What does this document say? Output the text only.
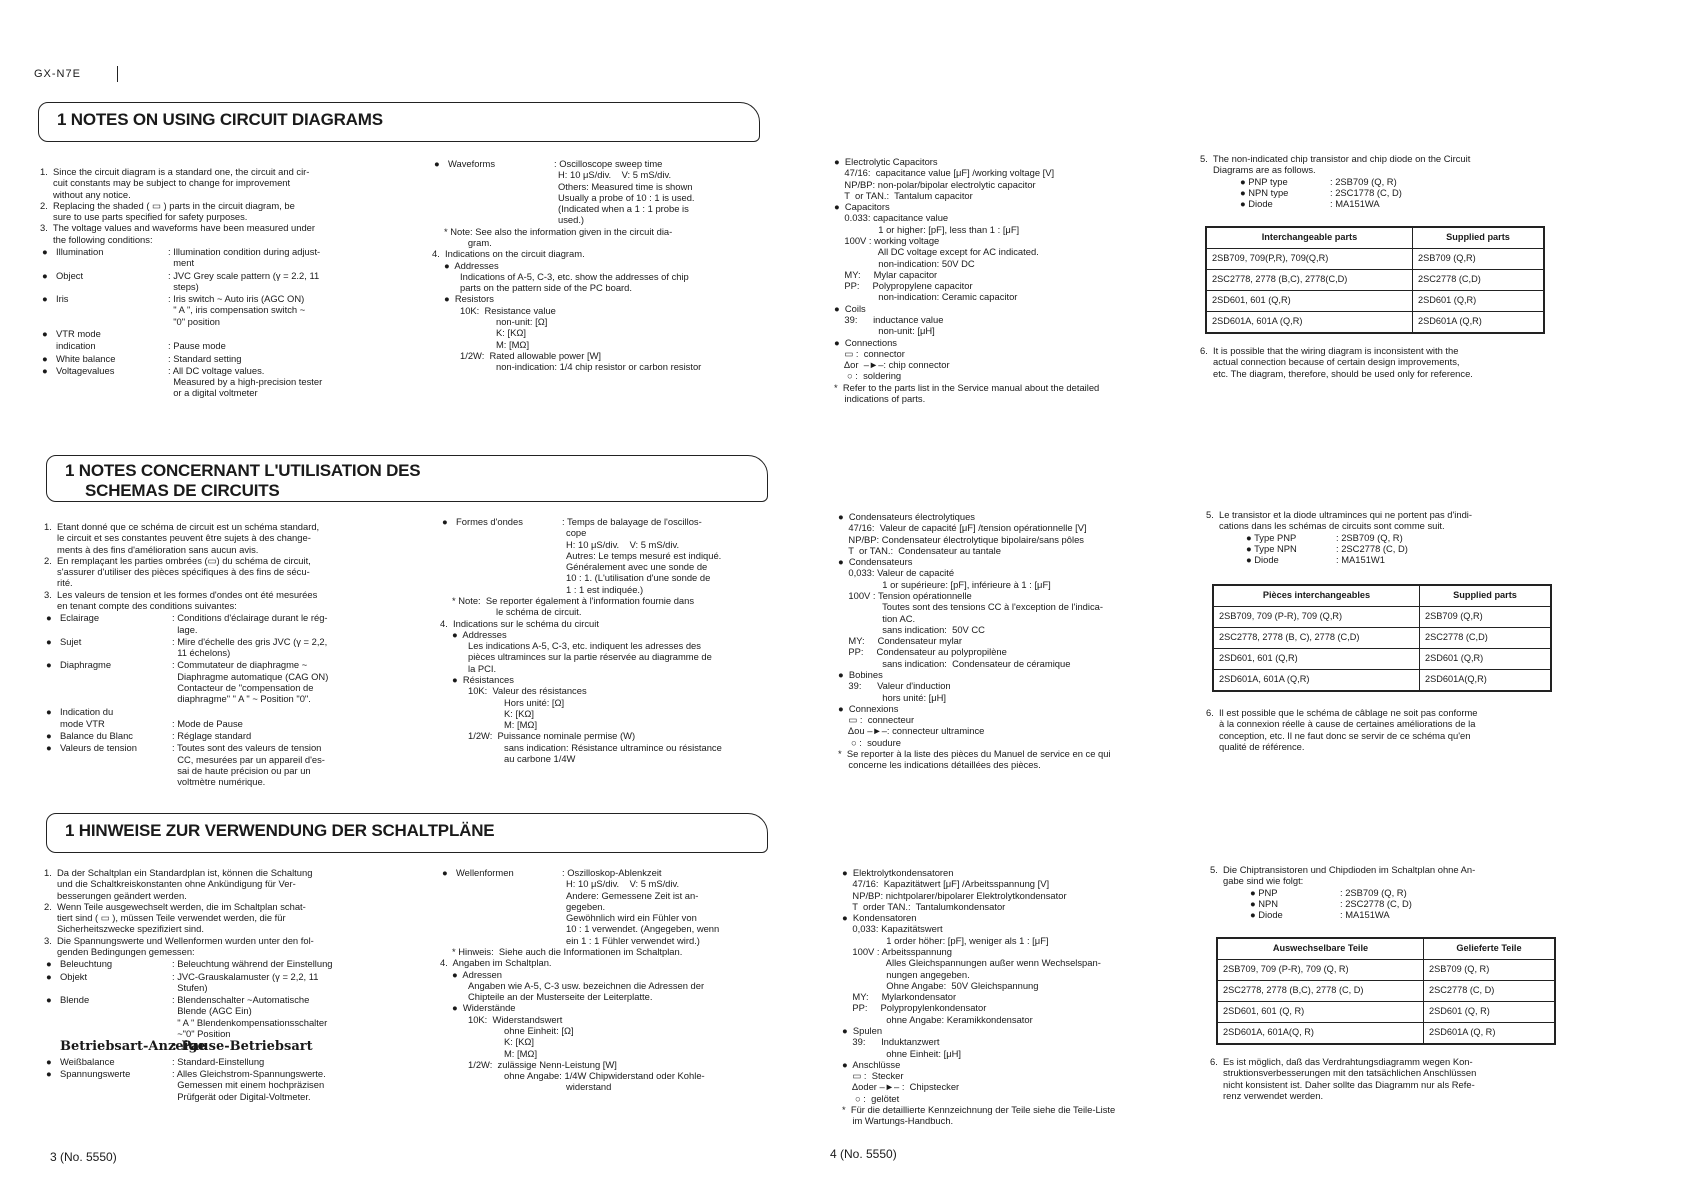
GX-N7E
1 NOTES ON USING CIRCUIT DIAGRAMS
1.  Since the circuit diagram is a standard one, the circuit and cir-
cuit constants may be subject to change for improvement
without any notice.
2.  Replacing the shaded ( ▭ ) parts in the circuit diagram, be
sure to use parts specified for safety purposes.
3.  The voltage values and waveforms have been measured under
the following conditions:
● Illumination	: Illumination condition during adjust-
ment
● Object	: JVC Grey scale pattern (γ = 2.2, 11
steps)
● Iris	: Iris switch ~ Auto iris (AGC ON)
" A ", iris compensation switch ~
"0" position
● VTR mode
indication	: Pause mode
● White balance	: Standard setting
● Voltagevalues	: All DC voltage values.
Measured by a high-precision tester
or a digital voltmeter
● Waveforms	: Oscilloscope sweep time
H: 10 μS/div.    V: 5 mS/div.
Others: Measured time is shown
Usually a probe of 10 : 1 is used.
(Indicated when a 1 : 1 probe is
used.)
* Note: See also the information given in the circuit dia-
gram.
4.  Indications on the circuit diagram.
●  Addresses
Indications of A-5, C-3, etc. show the addresses of chip
parts on the pattern side of the PC board.
●  Resistors
10K:  Resistance value
non-unit: [Ω]
K: [KΩ]
M: [MΩ]
1/2W:  Rated allowable power [W]
non-indication: 1/4 chip resistor or carbon resistor
●  Electrolytic Capacitors
47/16:  capacitance value [μF] /working voltage [V]
NP/BP: non-polar/bipolar electrolytic capacitor
T  or TAN.:  Tantalum capacitor
●  Capacitors
0.033: capacitance value
1 or higher: [pF], less than 1 : [μF]
100V : working voltage
All DC voltage except for AC indicated.
non-indication: 50V DC
MY:     Mylar capacitor
PP:     Polypropylene capacitor
non-indication: Ceramic capacitor
●  Coils
39:      inductance value
non-unit: [μH]
●  Connections
▭ :  connector
Δor  –►–: chip connector
○ :  soldering
*  Refer to the parts list in the Service manual about the detailed
indications of parts.
5.  The non-indicated chip transistor and chip diode on the Circuit
Diagrams are as follows.
● PNP type	: 2SB709 (Q, R)
● NPN type	: 2SC1778 (C, D)
● Diode	: MA151WA
Interchangeable parts	Supplied parts
2SB709, 709(P,R), 709(Q,R)	2SB709 (Q,R)
2SC2778, 2778 (B,C), 2778(C,D)	2SC2778 (C,D)
2SD601, 601 (Q,R)	2SD601 (Q,R)
2SD601A, 601A (Q,R)	2SD601A (Q,R)
6.  It is possible that the wiring diagram is inconsistent with the
actual connection because of certain design improvements,
etc. The diagram, therefore, should be used only for reference.
1 NOTES CONCERNANT L'UTILISATION DES
SCHEMAS DE CIRCUITS
1.  Etant donné que ce schéma de circuit est un schéma standard,
le circuit et ses constantes peuvent être sujets à des change-
ments à des fins d'amélioration sans aucun avis.
2.  En remplaçant les parties ombrées (▭) du schéma de circuit,
s'assurer d'utiliser des pièces spécifiques à des fins de sécu-
rité.
3.  Les valeurs de tension et les formes d'ondes ont été mesurées
en tenant compte des conditions suivantes:
● Eclairage	: Conditions d'éclairage durant le rég-
lage.
● Sujet	: Mire d'échelle des gris JVC (γ = 2,2,
11 échelons)
● Diaphragme	: Commutateur de diaphragme ~
Diaphragme automatique (CAG ON)
Contacteur de "compensation de
diaphragme" " A " ~ Position "0".
● Indication du
mode VTR	: Mode de Pause
● Balance du Blanc	: Réglage standard
● Valeurs de tension	: Toutes sont des valeurs de tension
CC, mesurées par un appareil d'es-
sai de haute précision ou par un
voltmètre numérique.
● Formes d'ondes	: Temps de balayage de l'oscillos-
cope
H: 10 μS/div.    V: 5 mS/div.
Autres: Le temps mesuré est indiqué.
Généralement avec une sonde de
10 : 1. (L'utilisation d'une sonde de
1 : 1 est indiquée.)
* Note:  Se reporter également à l'information fournie dans
le schéma de circuit.
4.  Indications sur le schéma du circuit
●  Addresses
Les indications A-5, C-3, etc. indiquent les adresses des
pièces ultraminces sur la partie réservée au diagramme de
la PCI.
●  Résistances
10K:  Valeur des résistances
Hors unité: [Ω]
K: [KΩ]
M: [MΩ]
1/2W:  Puissance nominale permise (W)
sans indication: Résistance ultramince ou résistance
au carbone 1/4W
●  Condensateurs électrolytiques
47/16:  Valeur de capacité [μF] /tension opérationnelle [V]
NP/BP: Condensateur électrolytique bipolaire/sans pôles
T  or TAN.:  Condensateur au tantale
●  Condensateurs
0,033: Valeur de capacité
1 or supérieure: [pF], inférieure à 1 : [μF]
100V : Tension opérationnelle
Toutes sont des tensions CC à l'exception de l'indica-
tion AC.
sans indication:  50V CC
MY:     Condensateur mylar
PP:     Condensateur au polypropilène
sans indication:  Condensateur de céramique
●  Bobines
39:      Valeur d'induction
hors unité: [μH]
●  Connexions
▭ :  connecteur
Δou –►–: connecteur ultramince
○ :  soudure
*  Se reporter à la liste des pièces du Manuel de service en ce qui
concerne les indications détaillées des pièces.
5.  Le transistor et la diode ultraminces qui ne portent pas d'indi-
cations dans les schémas de circuits sont comme suit.
● Type PNP	: 2SB709 (Q, R)
● Type NPN	: 2SC2778 (C, D)
● Diode	: MA151W1
Pièces interchangeables	Supplied parts
2SB709, 709 (P-R), 709 (Q,R)	2SB709 (Q,R)
2SC2778, 2778 (B, C), 2778 (C,D)	2SC2778 (C,D)
2SD601, 601 (Q,R)	2SD601 (Q,R)
2SD601A, 601A (Q,R)	2SD601A(Q,R)
6.  Il est possible que le schéma de câblage ne soit pas conforme
à la connexion réelle à cause de certaines améliorations de la
conception, etc. Il ne faut donc se servir de ce schéma qu'en
qualité de référence.
1 HINWEISE ZUR VERWENDUNG DER SCHALTPLÄNE
1.  Da der Schaltplan ein Standardplan ist, können die Schaltung
und die Schaltkreiskonstanten ohne Ankündigung für Ver-
besserungen geändert werden.
2.  Wenn Teile ausgewechselt werden, die im Schaltplan schat-
tiert sind ( ▭ ), müssen Teile verwendet werden, die für
Sicherheitszwecke spezifiziert sind.
3.  Die Spannungswerte und Wellenformen wurden unter den fol-
genden Bedingungen gemessen:
● Beleuchtung	: Beleuchtung während der Einstellung
● Objekt	: JVC-Grauskalamuster (γ = 2,2, 11
Stufen)
● Blende	: Blendenschalter ~Automatische
Blende (AGC Ein)
" A " Blendenkompensationsschalter
~"0" Position
Betriebsart-Anzeige: Pause-Betriebsart
● Weißbalance	: Standard-Einstellung
● Spannungswerte	: Alles Gleichstrom-Spannungswerte.
Gemessen mit einem hochpräzisen
Prüfgerät oder Digital-Voltmeter.
● Wellenformen	: Oszilloskop-Ablenkzeit
H: 10 μS/div.    V: 5 mS/div.
Andere: Gemessene Zeit ist an-
gegeben.
Gewöhnlich wird ein Fühler von
10 : 1 verwendet. (Angegeben, wenn
ein 1 : 1 Fühler verwendet wird.)
* Hinweis:  Siehe auch die Informationen im Schaltplan.
4.  Angaben im Schaltplan.
●  Adressen
Angaben wie A-5, C-3 usw. bezeichnen die Adressen der
Chipteile an der Musterseite der Leiterplatte.
●  Widerstände
10K:  Widerstandswert
ohne Einheit: [Ω]
K: [KΩ]
M: [MΩ]
1/2W:  zulässige Nenn-Leistung [W]
ohne Angabe: 1/4W Chipwiderstand oder Kohle-
widerstand
●  Elektrolytkondensatoren
47/16:  Kapazitätwert [μF] /Arbeitsspannung [V]
NP/BP: nichtpolarer/bipolarer Elektrolytkondensator
T  order TAN.:  Tantalumkondensator
●  Kondensatoren
0,033: Kapazitätswert
1 order höher: [pF], weniger als 1 : [μF]
100V : Arbeitsspannung
Alles Gleichspannungen außer wenn Wechselspan-
nungen angegeben.
Ohne Angabe:  50V Gleichspannung
MY:     Mylarkondensator
PP:     Polypropylenkondensator
ohne Angabe: Keramikkondensator
●  Spulen
39:      Induktanzwert
ohne Einheit: [μH]
●  Anschlüsse
▭ :  Stecker
Δoder –►– :  Chipstecker
○ :  gelötet
*  Für die detaillierte Kennzeichnung der Teile siehe die Teile-Liste
im Wartungs-Handbuch.
5.  Die Chiptransistoren und Chipdioden im Schaltplan ohne An-
gabe sind wie folgt:
● PNP	: 2SB709 (Q, R)
● NPN	: 2SC2778 (C, D)
● Diode	: MA151WA
Auswechselbare Teile	Gelieferte Teile
2SB709, 709 (P-R), 709 (Q, R)	2SB709 (Q, R)
2SC2778, 2778 (B,C), 2778 (C, D)	2SC2778 (C, D)
2SD601, 601 (Q, R)	2SD601 (Q, R)
2SD601A, 601A(Q, R)	2SD601A (Q, R)
6.  Es ist möglich, daß das Verdrahtungsdiagramm wegen Kon-
struktionsverbesserungen mit den tatsächlichen Anschlüssen
nicht konsistent ist. Daher sollte das Diagramm nur als Refe-
renz verwendet werden.
3 (No. 5550)	4 (No. 5550)
